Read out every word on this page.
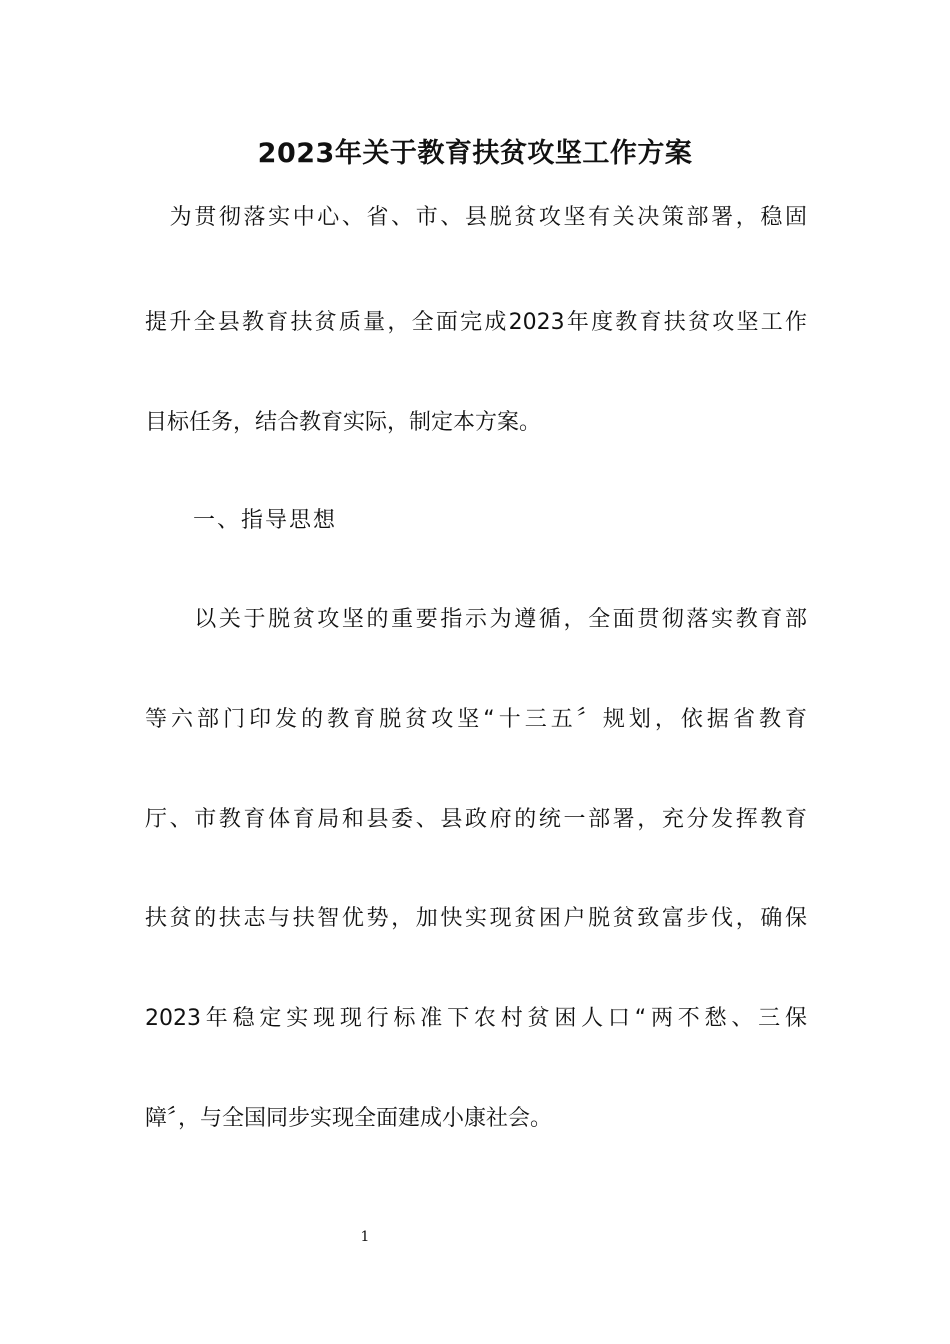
2023年关于教育扶贫攻坚工作方案
　为贯彻落实中心、省、市、县脱贫攻坚有关决策部署，稳固
提升全县教育扶贫质量，全面完成2023年度教育扶贫攻坚工作
目标任务，结合教育实际，制定本方案。
一、指导思想
　　以关于脱贫攻坚的重要指示为遵循，全面贯彻落实教育部
等六部门印发的教育脱贫攻坚“十三五〞规划，依据省教育
厅、市教育体育局和县委、县政府的统一部署，充分发挥教育
扶贫的扶志与扶智优势，加快实现贫困户脱贫致富步伐，确保
2023年稳定实现现行标准下农村贫困人口“两不愁、三保
障〞，与全国同步实现全面建成小康社会。
1
